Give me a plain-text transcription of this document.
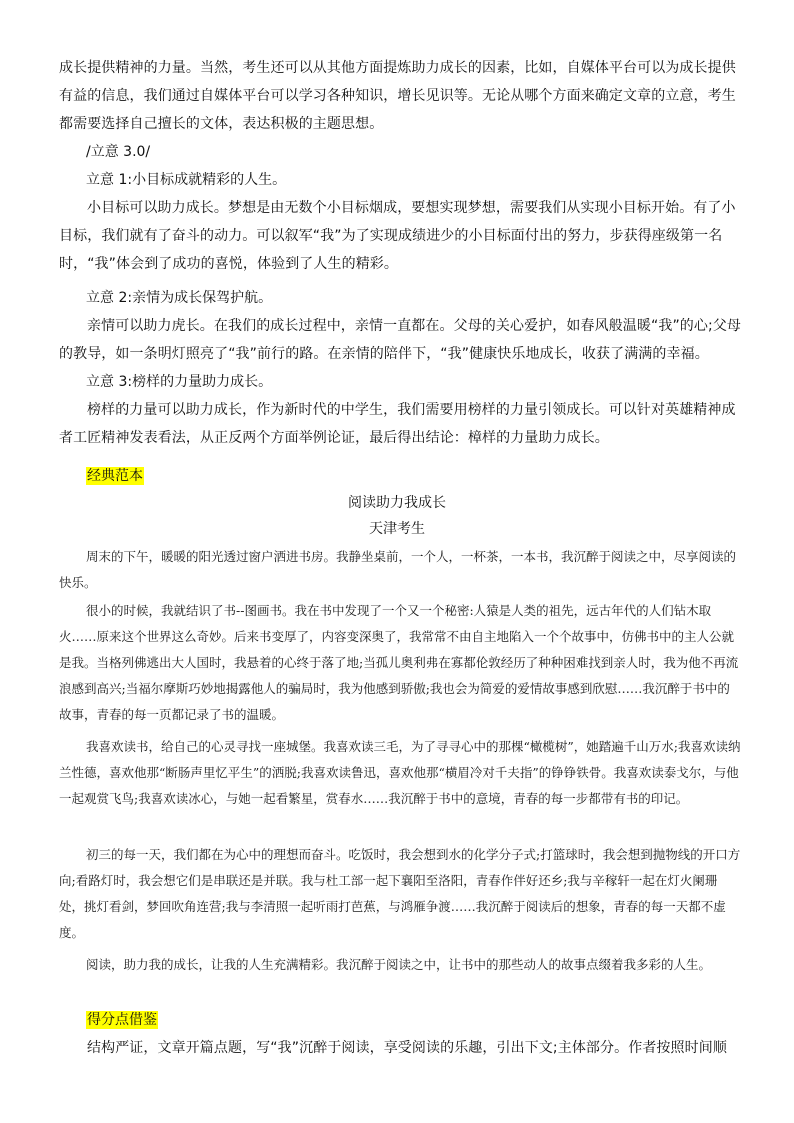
成长提供精神的力量。当然，考生还可以从其他方面提炼助力成长的因素，比如，自媒体平台可以为成长提供有益的信息，我们通过自媒体平台可以学习各种知识，增长见识等。无论从哪个方面来确定文章的立意，考生都需要选择自己擅长的文体，表达积极的主题思想。

/立意 3.0/

立意 1:小目标成就精彩的人生。

小目标可以助力成长。梦想是由无数个小目标烟成，要想实现梦想，需要我们从实现小目标开始。有了小目标，我们就有了奋斗的动力。可以叙军“我”为了实现成绩进少的小目标面付出的努力，步获得座级第一名时，“我”体会到了成功的喜悦，体验到了人生的精彩。

立意 2:亲情为成长保驾护航。

亲情可以助力虎长。在我们的成长过程中，亲情一直都在。父母的关心爱护，如春风般温暖“我”的心;父母的教导，如一条明灯照亮了“我”前行的路。在亲情的陪伴下，“我”健康快乐地成长，收获了满满的幸福。

立意 3:榜样的力量助力成长。

榜样的力量可以助力成长，作为新时代的中学生，我们需要用榜样的力量引领成长。可以针对英雄精神成者工匠精神发表看法，从正反两个方面举例论证，最后得出结论：樟样的力量助力成长。

经典范本

阅读助力我成长

天津考生

周末的下午，暖暖的阳光透过窗户洒进书房。我静坐桌前，一个人，一杯茶，一本书，我沉醉于阅读之中，尽享阅读的快乐。

很小的时候，我就结识了书--图画书。我在书中发现了一个又一个秘密:人猿是人类的祖先，远古年代的人们钻木取火……原来这个世界这么奇妙。后来书变厚了，内容变深奥了，我常常不由自主地陷入一个个故事中，仿佛书中的主人公就是我。当格列佛逃出大人国时，我悬着的心终于落了地;当孤儿奥利弗在寡都伦敦经历了种种困难找到亲人时，我为他不再流浪感到高兴;当福尔摩斯巧妙地揭露他人的骗局时，我为他感到骄傲;我也会为简爱的爱情故事感到欣慰……我沉醉于书中的故事，青春的每一页都记录了书的温暖。

我喜欢读书，给自己的心灵寻找一座城堡。我喜欢读三毛，为了寻寻心中的那棵“橄榄树”，她踏遍千山万水;我喜欢读纳兰性德，喜欢他那“断肠声里忆平生”的洒脱;我喜欢读鲁迅，喜欢他那“横眉冷对千夫指”的铮铮铁骨。我喜欢读泰戈尔，与他一起观赏飞鸟;我喜欢读冰心，与她一起看繁星，赏春水……我沉醉于书中的意境，青春的每一步都带有书的印记。

初三的每一天，我们都在为心中的理想而奋斗。吃饭时，我会想到水的化学分子式;打篮球时，我会想到抛物线的开口方向;看路灯时，我会想它们是串联还是并联。我与杜工部一起下襄阳至洛阳，青春作伴好还乡;我与辛稼轩一起在灯火阑珊处，挑灯看剑，梦回吹角连营;我与李清照一起听雨打芭蕉，与鸿雁争渡……我沉醉于阅读后的想象，青春的每一天都不虚度。

阅读，助力我的成长，让我的人生充满精彩。我沉醉于阅读之中，让书中的那些动人的故事点缀着我多彩的人生。

得分点借鉴

结构严证，文章开篇点题，写“我”沉醉于阅读，享受阅读的乐趣，引出下文;主体部分。作者按照时间顺
